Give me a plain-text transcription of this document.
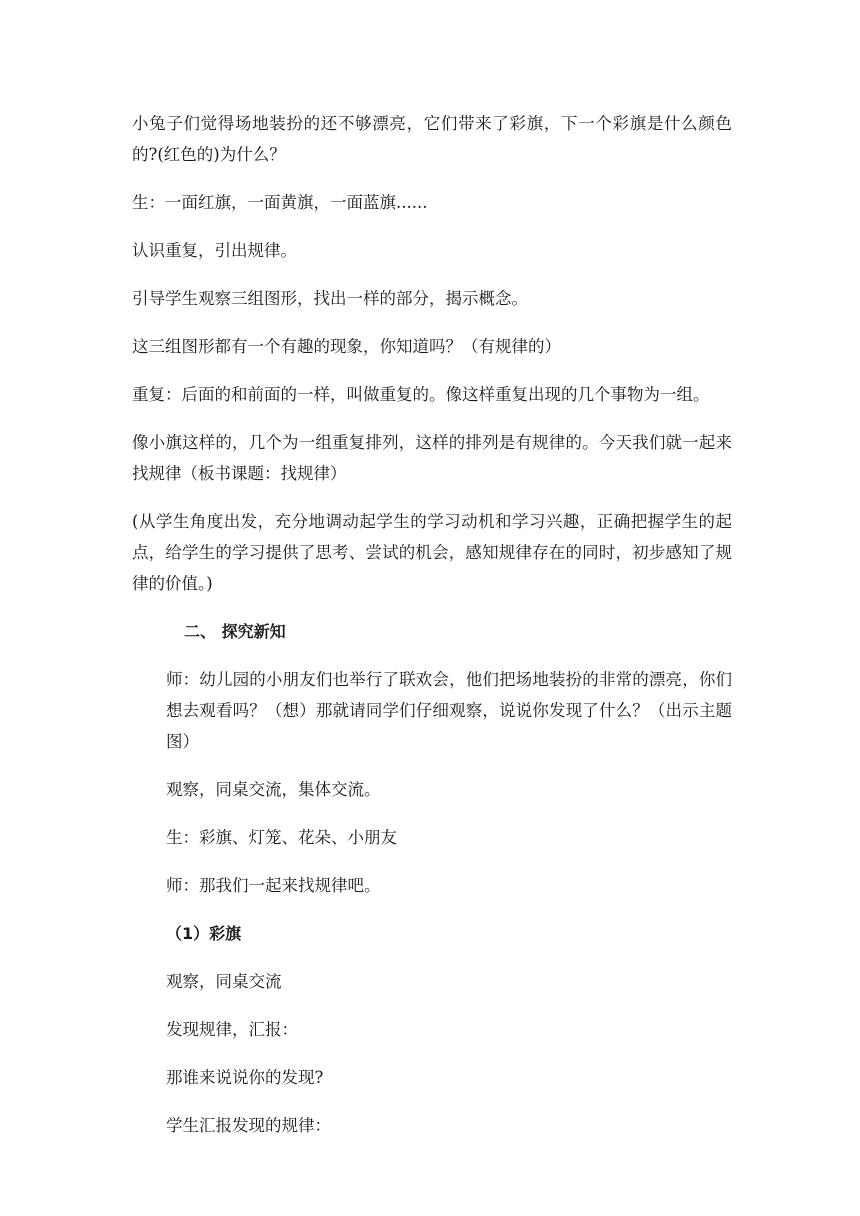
小兔子们觉得场地装扮的还不够漂亮，它们带来了彩旗，下一个彩旗是什么颜色的?(红色的)为什么？

生：一面红旗，一面黄旗，一面蓝旗......

认识重复，引出规律。

引导学生观察三组图形，找出一样的部分，揭示概念。

这三组图形都有一个有趣的现象，你知道吗？（有规律的）

重复：后面的和前面的一样，叫做重复的。像这样重复出现的几个事物为一组。

像小旗这样的，几个为一组重复排列，这样的排列是有规律的。今天我们就一起来找规律（板书课题：找规律）

(从学生角度出发，充分地调动起学生的学习动机和学习兴趣，正确把握学生的起点，给学生的学习提供了思考、尝试的机会，感知规律存在的同时，初步感知了规律的价值。)

二、 探究新知

师：幼儿园的小朋友们也举行了联欢会，他们把场地装扮的非常的漂亮，你们想去观看吗？（想）那就请同学们仔细观察，说说你发现了什么？（出示主题图）

观察，同桌交流，集体交流。

生：彩旗、灯笼、花朵、小朋友

师：那我们一起来找规律吧。

（1）彩旗

观察，同桌交流

发现规律，汇报：

那谁来说说你的发现?

学生汇报发现的规律：
